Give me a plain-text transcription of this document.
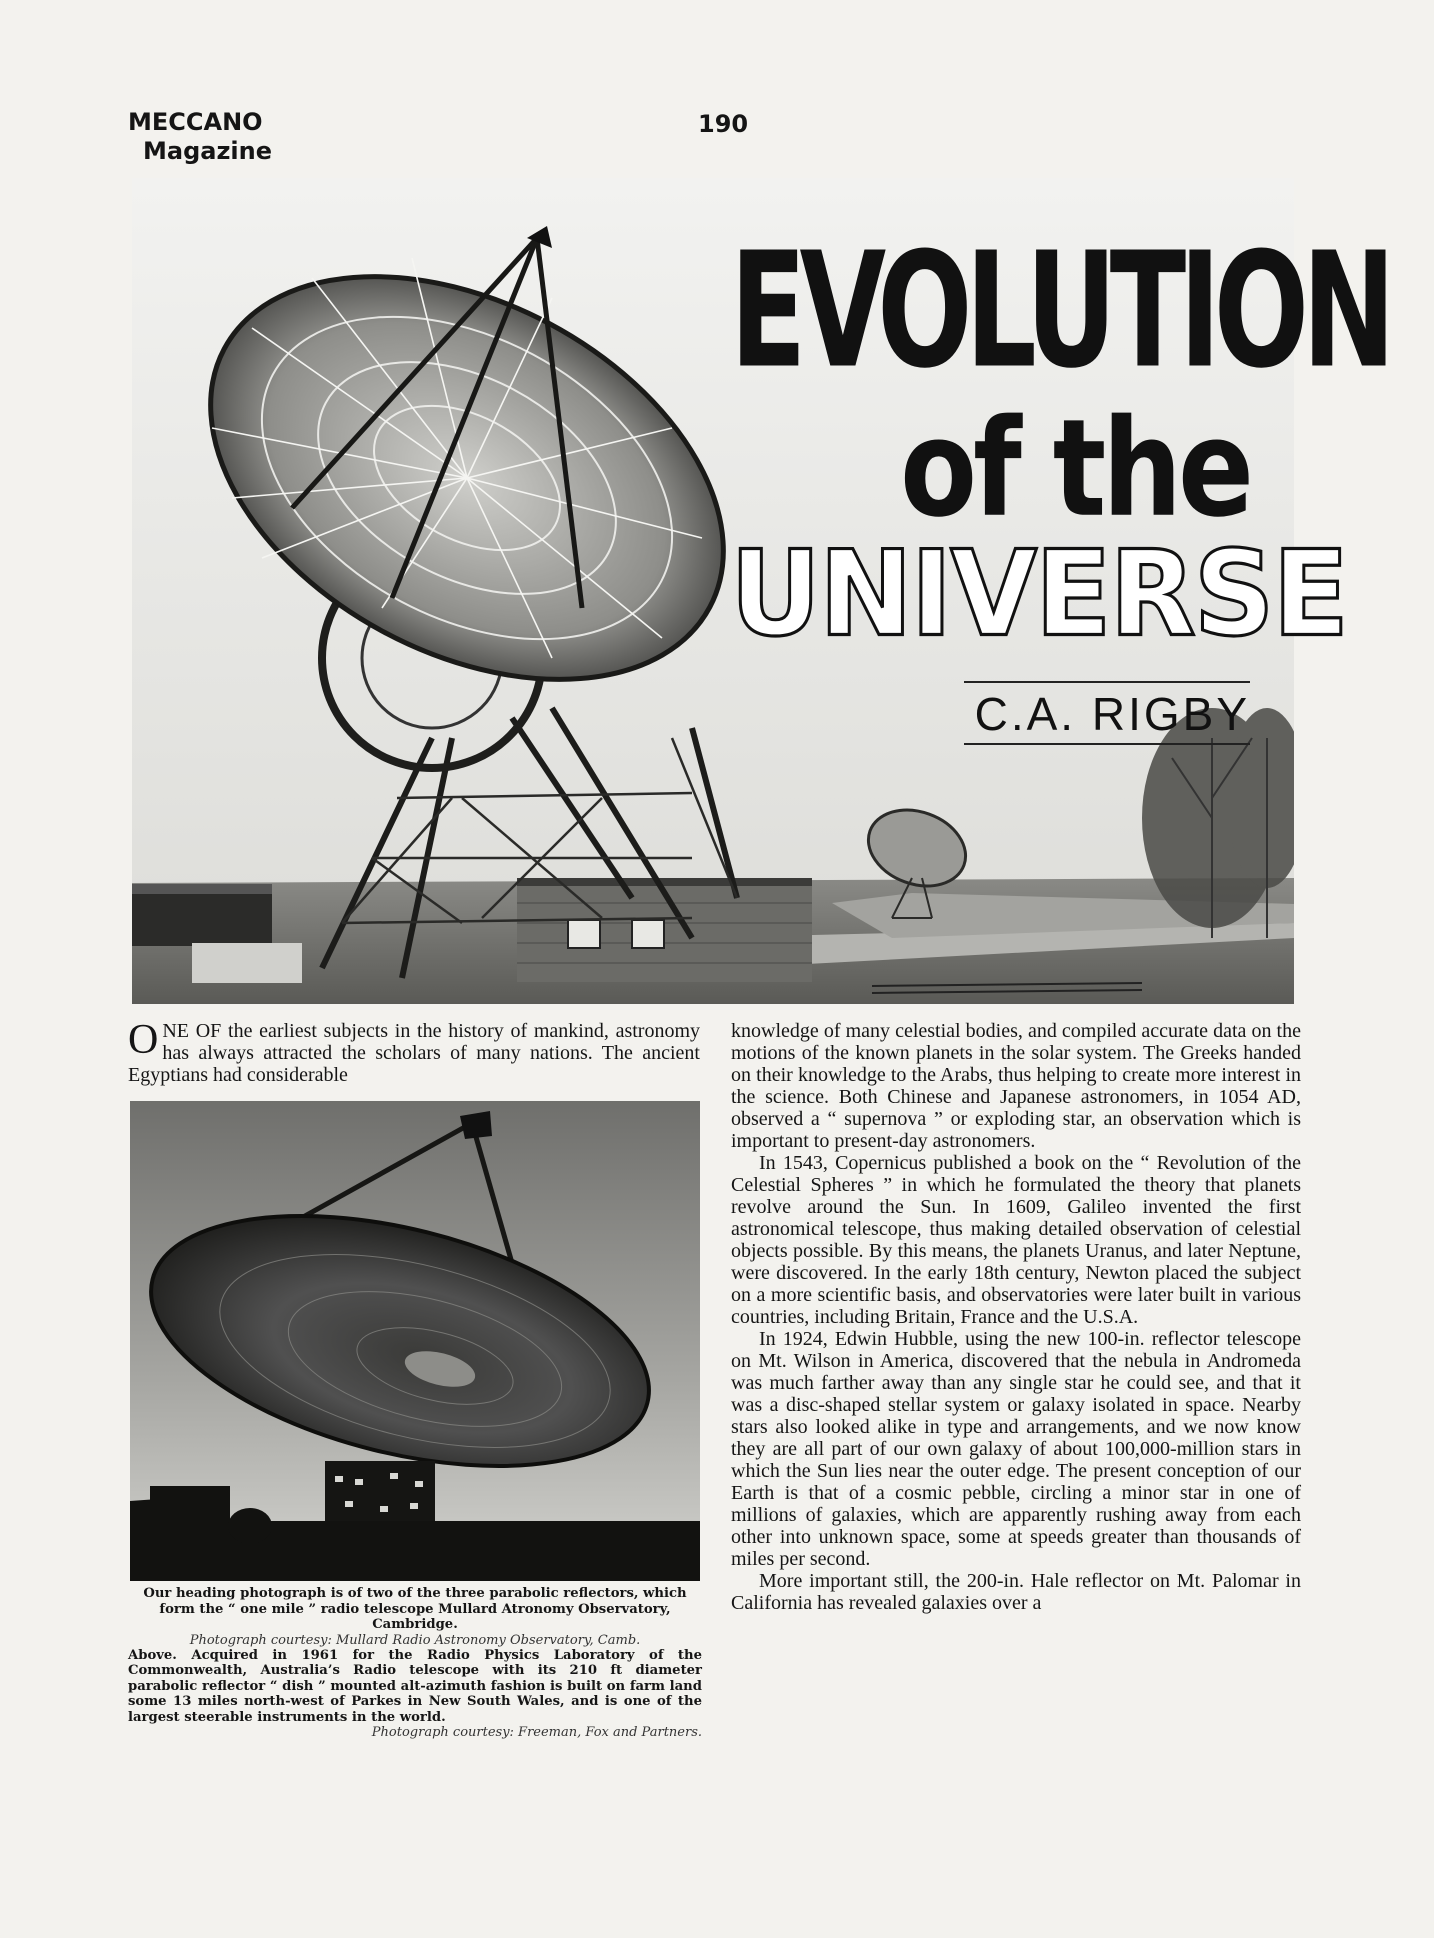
MECCANO
Magazine
190
EVOLUTION
of the
UNIVERSE
C.A. RIGBY

ONE OF the earliest subjects in the history of mankind, astronomy has always attracted the scholars of many nations. The ancient Egyptians had considerable

Our heading photograph is of two of the three parabolic reflectors, which form the “ one mile ” radio telescope Mullard Atronomy Observatory, Cambridge.

Photograph courtesy: Mullard Radio Astronomy Observatory, Camb.

Above. Acquired in 1961 for the Radio Physics Laboratory of the Commonwealth, Australia’s Radio telescope with its 210 ft diameter parabolic reflector “ dish ” mounted alt-azimuth fashion is built on farm land some 13 miles north-west of Parkes in New South Wales, and is one of the largest steerable instruments in the world.

Photograph courtesy: Freeman, Fox and Partners.

knowledge of many celestial bodies, and compiled accurate data on the motions of the known planets in the solar system. The Greeks handed on their knowledge to the Arabs, thus helping to create more interest in the science. Both Chinese and Japanese astronomers, in 1054 AD, observed a “ supernova ” or exploding star, an observation which is important to present-day astronomers.

In 1543, Copernicus published a book on the “ Revolution of the Celestial Spheres ” in which he formulated the theory that planets revolve around the Sun. In 1609, Galileo invented the first astronomical telescope, thus making detailed observation of celestial objects possible. By this means, the planets Uranus, and later Neptune, were discovered. In the early 18th century, Newton placed the subject on a more scientific basis, and observatories were later built in various countries, including Britain, France and the U.S.A.

In 1924, Edwin Hubble, using the new 100-in. reflector telescope on Mt. Wilson in America, discovered that the nebula in Andromeda was much farther away than any single star he could see, and that it was a disc-shaped stellar system or galaxy isolated in space. Nearby stars also looked alike in type and arrangements, and we now know they are all part of our own galaxy of about 100,000-million stars in which the Sun lies near the outer edge. The present conception of our Earth is that of a cosmic pebble, circling a minor star in one of millions of galaxies, which are apparently rushing away from each other into unknown space, some at speeds greater than thousands of miles per second.

More important still, the 200-in. Hale reflector on Mt. Palomar in California has revealed galaxies over a
